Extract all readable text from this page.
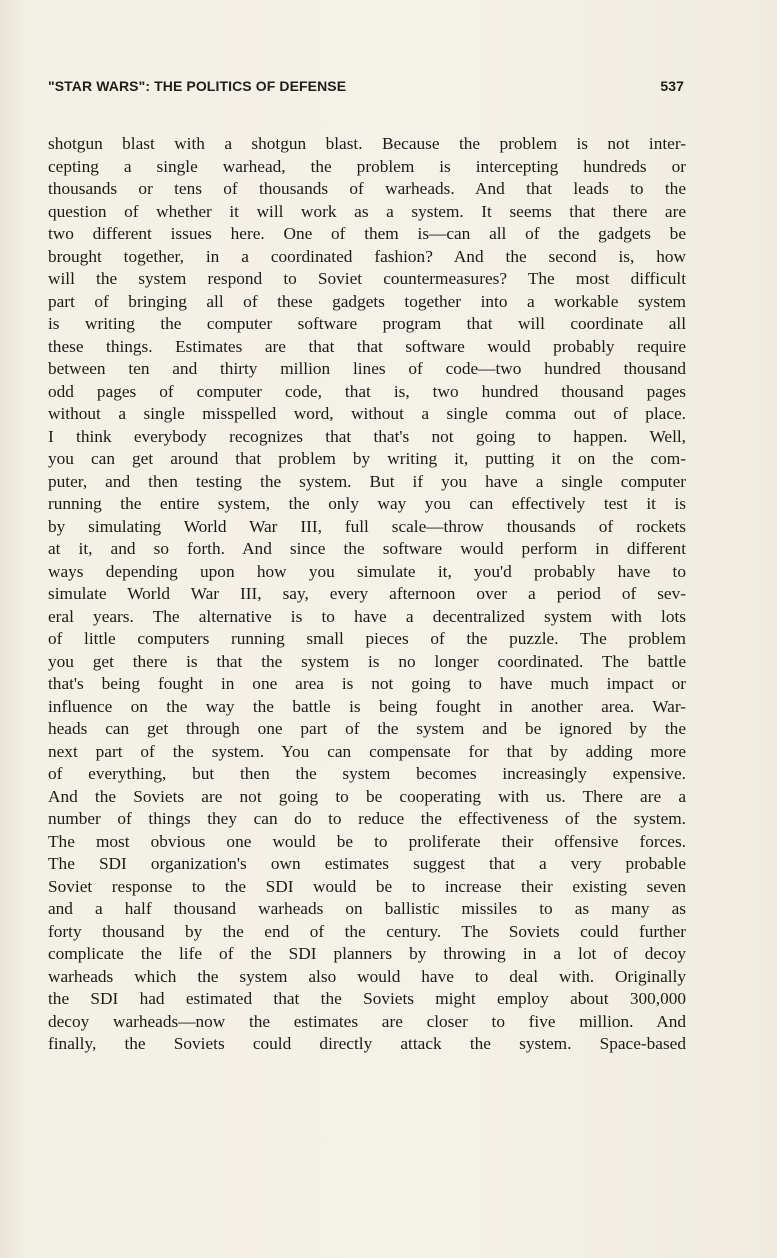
"STAR WARS": THE POLITICS OF DEFENSE	537
shotgun blast with a shotgun blast. Because the problem is not inter-
cepting a single warhead, the problem is intercepting hundreds or
thousands or tens of thousands of warheads. And that leads to the
question of whether it will work as a system. It seems that there are
two different issues here. One of them is—can all of the gadgets be
brought together, in a coordinated fashion? And the second is, how
will the system respond to Soviet countermeasures? The most difficult
part of bringing all of these gadgets together into a workable system
is writing the computer software program that will coordinate all
these things. Estimates are that that software would probably require
between ten and thirty million lines of code—two hundred thousand
odd pages of computer code, that is, two hundred thousand pages
without a single misspelled word, without a single comma out of place.
I think everybody recognizes that that's not going to happen. Well,
you can get around that problem by writing it, putting it on the com-
puter, and then testing the system. But if you have a single computer
running the entire system, the only way you can effectively test it is
by simulating World War III, full scale—throw thousands of rockets
at it, and so forth. And since the software would perform in different
ways depending upon how you simulate it, you'd probably have to
simulate World War III, say, every afternoon over a period of sev-
eral years. The alternative is to have a decentralized system with lots
of little computers running small pieces of the puzzle. The problem
you get there is that the system is no longer coordinated. The battle
that's being fought in one area is not going to have much impact or
influence on the way the battle is being fought in another area. War-
heads can get through one part of the system and be ignored by the
next part of the system. You can compensate for that by adding more
of everything, but then the system becomes increasingly expensive.
And the Soviets are not going to be cooperating with us. There are a
number of things they can do to reduce the effectiveness of the system.
The most obvious one would be to proliferate their offensive forces.
The SDI organization's own estimates suggest that a very probable
Soviet response to the SDI would be to increase their existing seven
and a half thousand warheads on ballistic missiles to as many as
forty thousand by the end of the century. The Soviets could further
complicate the life of the SDI planners by throwing in a lot of decoy
warheads which the system also would have to deal with. Originally
the SDI had estimated that the Soviets might employ about 300,000
decoy warheads—now the estimates are closer to five million. And
finally, the Soviets could directly attack the system. Space-based
